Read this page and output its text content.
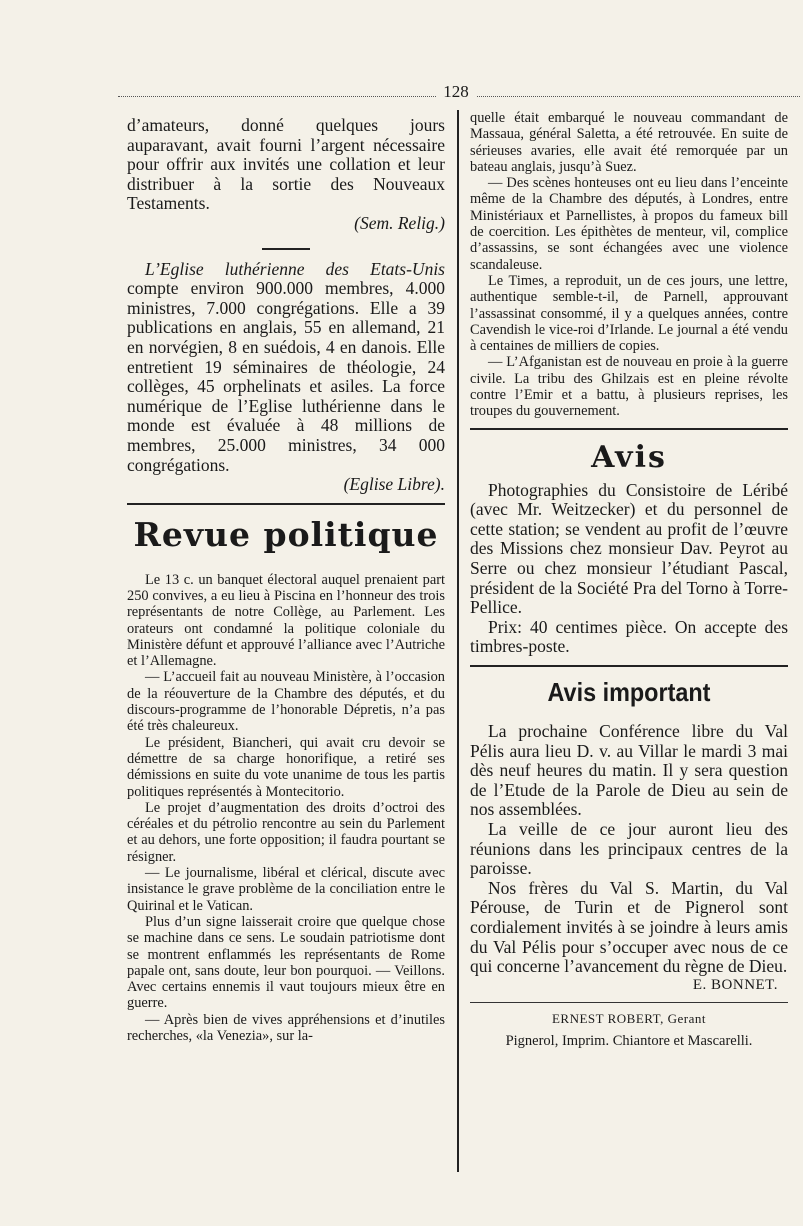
128

d’amateurs, donné quelques jours auparavant, avait fourni l’argent nécessaire pour offrir aux invités une collation et leur distribuer à la sortie des Nouveaux Testaments.

(Sem. Relig.)

L’Eglise luthérienne des Etats-Unis compte environ 900.000 membres, 4.000 ministres, 7.000 congrégations. Elle a 39 publications en anglais, 55 en allemand, 21 en norvégien, 8 en suédois, 4 en danois. Elle entretient 19 séminaires de théologie, 24 collèges, 45 orphelinats et asiles. La force numérique de l’Eglise luthérienne dans le monde est évaluée à 48 millions de membres, 25.000 ministres, 34 000 congrégations.

(Eglise Libre).

Revue politique

Le 13 c. un banquet électoral auquel prenaient part 250 convives, a eu lieu à Piscina en l’honneur des trois représentants de notre Collège, au Parlement. Les orateurs ont condamné la politique coloniale du Ministère défunt et approuvé l’alliance avec l’Autriche et l’Allemagne.

— L’accueil fait au nouveau Ministère, à l’occasion de la réouverture de la Chambre des députés, et du discours-programme de l’honorable Dépretis, n’a pas été très chaleureux.

Le président, Biancheri, qui avait cru devoir se démettre de sa charge honorifique, a retiré ses démissions en suite du vote unanime de tous les partis politiques représentés à Montecitorio.

Le projet d’augmentation des droits d’octroi des céréales et du pétrolio rencontre au sein du Parlement et au dehors, une forte opposition; il faudra pourtant se résigner.

— Le journalisme, libéral et clérical, discute avec insistance le grave problème de la conciliation entre le Quirinal et le Vatican.

Plus d’un signe laisserait croire que quelque chose se machine dans ce sens. Le soudain patriotisme dont se montrent enflammés les représentants de Rome papale ont, sans doute, leur bon pourquoi. — Veillons. Avec certains ennemis il vaut toujours mieux être en guerre.

— Après bien de vives appréhensions et d’inutiles recherches, «la Venezia», sur la-

quelle était embarqué le nouveau commandant de Massaua, général Saletta, a été retrouvée. En suite de sérieuses avaries, elle avait été remorquée par un bateau anglais, jusqu’à Suez.

— Des scènes honteuses ont eu lieu dans l’enceinte même de la Chambre des députés, à Londres, entre Ministériaux et Parnellistes, à propos du fameux bill de coercition. Les épithètes de menteur, vil, complice d’assassins, se sont échangées avec une violence scandaleuse.

Le Times, a reproduit, un de ces jours, une lettre, authentique semble-t-il, de Parnell, approuvant l’assassinat consommé, il y a quelques années, contre Cavendish le vice-roi d’Irlande. Le journal a été vendu à centaines de milliers de copies.

— L’Afganistan est de nouveau en proie à la guerre civile. La tribu des Ghilzais est en pleine révolte contre l’Emir et a battu, à plusieurs reprises, les troupes du gouvernement.

Avis

Photographies du Consistoire de Léribé (avec Mr. Weitzecker) et du personnel de cette station; se vendent au profit de l’œuvre des Missions chez monsieur Dav. Peyrot au Serre ou chez monsieur l’étudiant Pascal, président de la Société Pra del Torno à Torre-Pellice.

Prix: 40 centimes pièce. On accepte des timbres-poste.

Avis important

La prochaine Conférence libre du Val Pélis aura lieu D. v. au Villar le mardi 3 mai dès neuf heures du matin. Il y sera question de l’Etude de la Parole de Dieu au sein de nos assemblées.

La veille de ce jour auront lieu des réunions dans les principaux centres de la paroisse.

Nos frères du Val S. Martin, du Val Pérouse, de Turin et de Pignerol sont cordialement invités à se joindre à leurs amis du Val Pélis pour s’occuper avec nous de ce qui concerne l’avancement du règne de Dieu.

E. BONNET.
ERNEST ROBERT, Gerant
Pignerol, Imprim. Chiantore et Mascarelli.
